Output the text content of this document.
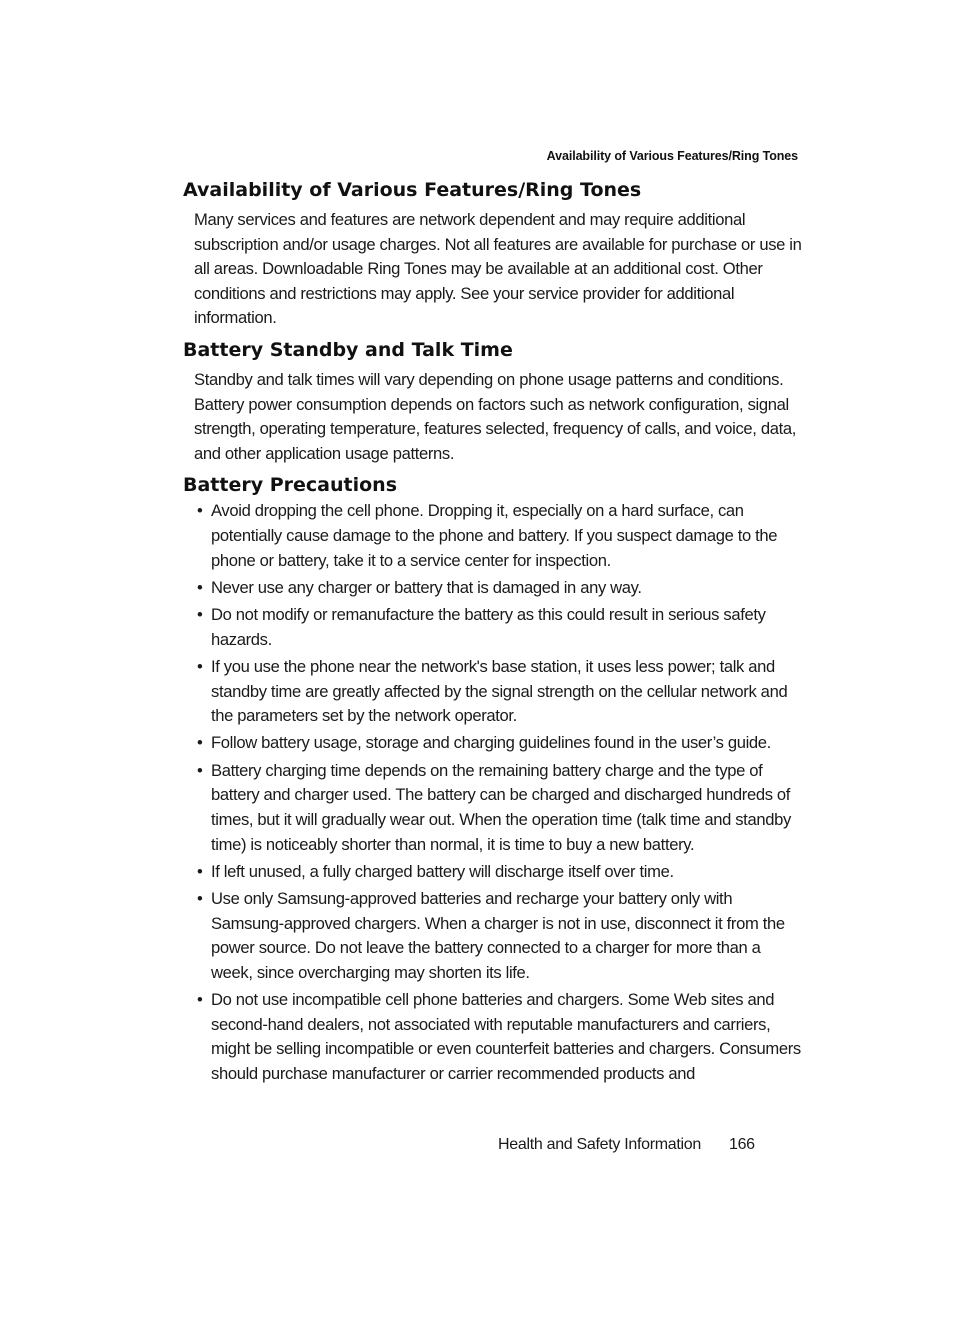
Availability of Various Features/Ring Tones
Availability of Various Features/Ring Tones

Many services and features are network dependent and may require additional subscription and/or usage charges. Not all features are available for purchase or use in all areas. Downloadable Ring Tones may be available at an additional cost. Other conditions and restrictions may apply. See your service provider for additional information.

Battery Standby and Talk Time

Standby and talk times will vary depending on phone usage patterns and conditions. Battery power consumption depends on factors such as network configuration, signal strength, operating temperature, features selected, frequency of calls, and voice, data, and other application usage patterns.

Battery Precautions
• Avoid dropping the cell phone. Dropping it, especially on a hard surface, can potentially cause damage to the phone and battery. If you suspect damage to the phone or battery, take it to a service center for inspection.
• Never use any charger or battery that is damaged in any way.
• Do not modify or remanufacture the battery as this could result in serious safety hazards.
• If you use the phone near the network's base station, it uses less power; talk and standby time are greatly affected by the signal strength on the cellular network and the parameters set by the network operator.
• Follow battery usage, storage and charging guidelines found in the user’s guide.
• Battery charging time depends on the remaining battery charge and the type of battery and charger used. The battery can be charged and discharged hundreds of times, but it will gradually wear out. When the operation time (talk time and standby time) is noticeably shorter than normal, it is time to buy a new battery.
• If left unused, a fully charged battery will discharge itself over time.
• Use only Samsung-approved batteries and recharge your battery only with Samsung-approved chargers. When a charger is not in use, disconnect it from the power source. Do not leave the battery connected to a charger for more than a week, since overcharging may shorten its life.
• Do not use incompatible cell phone batteries and chargers. Some Web sites and second-hand dealers, not associated with reputable manufacturers and carriers, might be selling incompatible or even counterfeit batteries and chargers. Consumers should purchase manufacturer or carrier recommended products and
Health and Safety Information 166
